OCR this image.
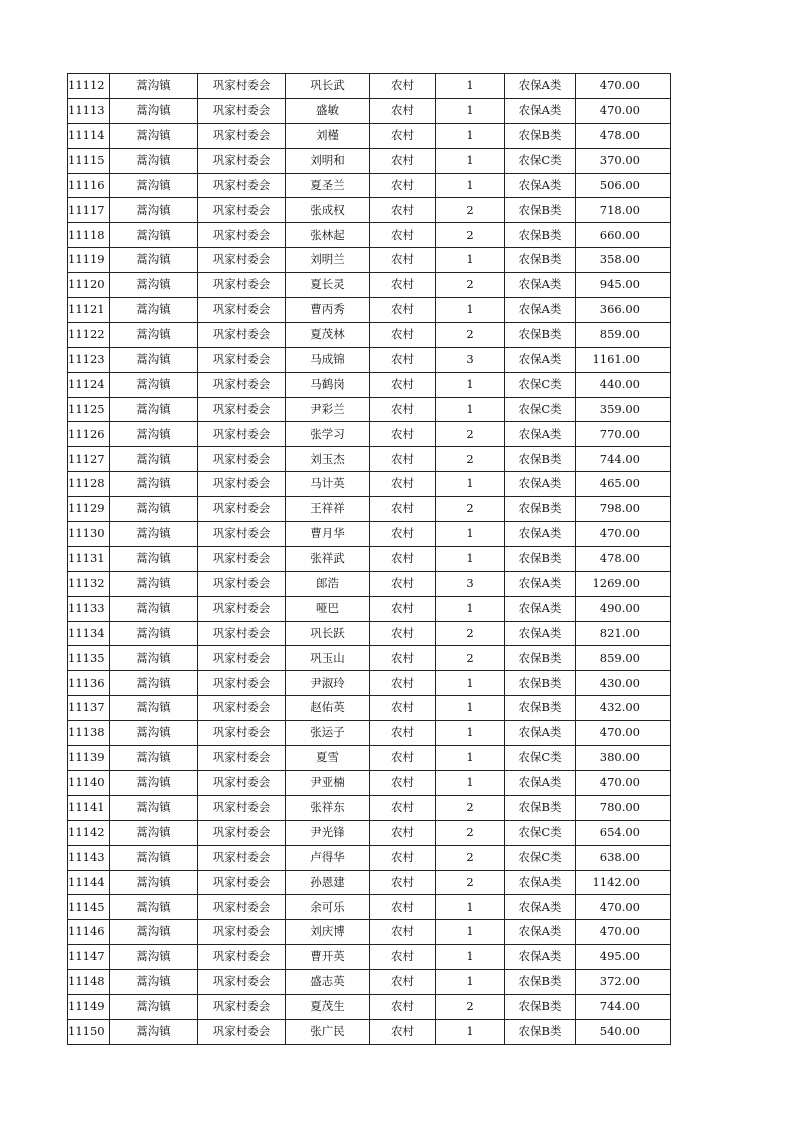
11112	蒿沟镇	巩家村委会	巩长武	农村	1	农保A类	470.00
11113	蒿沟镇	巩家村委会	盛敏	农村	1	农保A类	470.00
11114	蒿沟镇	巩家村委会	刘槿	农村	1	农保B类	478.00
11115	蒿沟镇	巩家村委会	刘明和	农村	1	农保C类	370.00
11116	蒿沟镇	巩家村委会	夏圣兰	农村	1	农保A类	506.00
11117	蒿沟镇	巩家村委会	张成权	农村	2	农保B类	718.00
11118	蒿沟镇	巩家村委会	张林起	农村	2	农保B类	660.00
11119	蒿沟镇	巩家村委会	刘明兰	农村	1	农保B类	358.00
11120	蒿沟镇	巩家村委会	夏长灵	农村	2	农保A类	945.00
11121	蒿沟镇	巩家村委会	曹丙秀	农村	1	农保A类	366.00
11122	蒿沟镇	巩家村委会	夏茂林	农村	2	农保B类	859.00
11123	蒿沟镇	巩家村委会	马成锦	农村	3	农保A类	1161.00
11124	蒿沟镇	巩家村委会	马鹤岗	农村	1	农保C类	440.00
11125	蒿沟镇	巩家村委会	尹彩兰	农村	1	农保C类	359.00
11126	蒿沟镇	巩家村委会	张学习	农村	2	农保A类	770.00
11127	蒿沟镇	巩家村委会	刘玉杰	农村	2	农保B类	744.00
11128	蒿沟镇	巩家村委会	马计英	农村	1	农保A类	465.00
11129	蒿沟镇	巩家村委会	王祥祥	农村	2	农保B类	798.00
11130	蒿沟镇	巩家村委会	曹月华	农村	1	农保A类	470.00
11131	蒿沟镇	巩家村委会	张祥武	农村	1	农保B类	478.00
11132	蒿沟镇	巩家村委会	郎浩	农村	3	农保A类	1269.00
11133	蒿沟镇	巩家村委会	哑巴	农村	1	农保A类	490.00
11134	蒿沟镇	巩家村委会	巩长跃	农村	2	农保A类	821.00
11135	蒿沟镇	巩家村委会	巩玉山	农村	2	农保B类	859.00
11136	蒿沟镇	巩家村委会	尹淑玲	农村	1	农保B类	430.00
11137	蒿沟镇	巩家村委会	赵佑英	农村	1	农保B类	432.00
11138	蒿沟镇	巩家村委会	张运子	农村	1	农保A类	470.00
11139	蒿沟镇	巩家村委会	夏雪	农村	1	农保C类	380.00
11140	蒿沟镇	巩家村委会	尹亚楠	农村	1	农保A类	470.00
11141	蒿沟镇	巩家村委会	张祥东	农村	2	农保B类	780.00
11142	蒿沟镇	巩家村委会	尹光锋	农村	2	农保C类	654.00
11143	蒿沟镇	巩家村委会	卢得华	农村	2	农保C类	638.00
11144	蒿沟镇	巩家村委会	孙恩建	农村	2	农保A类	1142.00
11145	蒿沟镇	巩家村委会	余可乐	农村	1	农保A类	470.00
11146	蒿沟镇	巩家村委会	刘庆博	农村	1	农保A类	470.00
11147	蒿沟镇	巩家村委会	曹开英	农村	1	农保A类	495.00
11148	蒿沟镇	巩家村委会	盛志英	农村	1	农保B类	372.00
11149	蒿沟镇	巩家村委会	夏茂生	农村	2	农保B类	744.00
11150	蒿沟镇	巩家村委会	张广民	农村	1	农保B类	540.00
